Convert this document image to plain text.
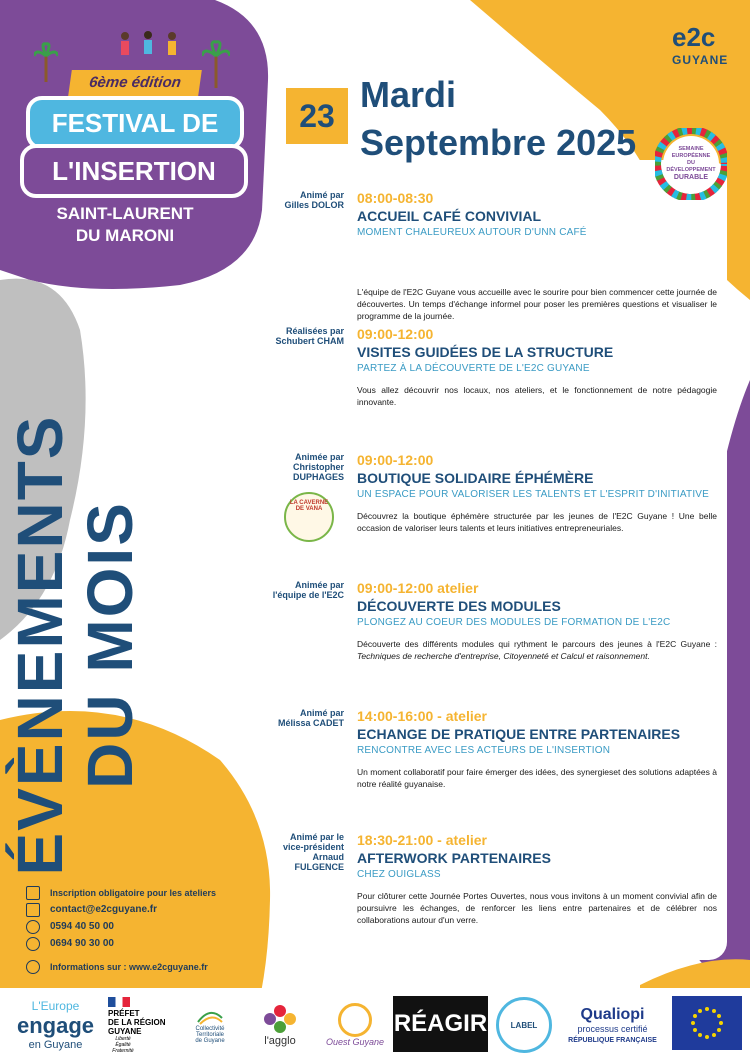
6ème édition
FESTIVAL DE
L'INSERTION
SAINT-LAURENT
DU MARONI
ÉVÈNEMENTS
DU MOIS
e2c
GUYANE
23
Mardi
Animé par
Gilles DOLOR 08:00-08:30
ACCUEIL CAFÉ CONVIVIAL
MOMENT CHALEUREUX AUTOUR D'UNN CAFÉ
L'équipe de l'E2C Guyane vous accueille avec le sourire pour bien commencer cette journée de découvertes. Un temps d'échange informel pour poser les premières questions et visualiser le programme de la journée.
Réalisées par
Schubert CHAM 09:00-12:00
VISITES GUIDÉES DE LA STRUCTURE
PARTEZ À LA DÉCOUVERTE DE L'E2C GUYANE
Vous allez découvrir nos locaux, nos ateliers, et le fonctionnement de notre pédagogie innovante.
Animée par
Christopher DUPHAGES
LA CAVERNE DE VANA
09:00-12:00
BOUTIQUE SOLIDAIRE ÉPHÉMÈRE
UN ESPACE POUR VALORISER LES TALENTS ET L'ESPRIT D'INITIATIVE
Découvrez la boutique éphémère structurée par les jeunes de l'E2C Guyane ! Une belle occasion de valoriser leurs talents et leurs initiatives entrepreneuriales.
Animée par
l'équipe de l'E2C 09:00-12:00 atelier
DÉCOUVERTE DES MODULES
PLONGEZ AU COEUR DES MODULES DE FORMATION DE L'E2C
Découverte des différents modules qui rythment le parcours des jeunes à l'E2C Guyane : Techniques de recherche d'entreprise, Citoyenneté et Calcul et raisonnement.
Animé par
Mélissa CADET 14:00-16:00 - atelier
ECHANGE DE PRATIQUE ENTRE PARTENAIRES
RENCONTRE AVEC LES ACTEURS DE L'INSERTION
Un moment collaboratif pour faire émerger des idées, des synergieset des solutions adaptées à notre réalité guyanaise.
Animé par le vice-président
Arnaud FULGENCE
18:30-21:00 - atelier
AFTERWORK PARTENAIRES
CHEZ OUIGLASS
Pour clôturer cette Journée Portes Ouvertes, nous vous invitons à un moment convivial afin de poursuivre les échanges, de renforcer les liens entre partenaires et de célébrer nos collaborations autour d'un verre.
Septembre 2025	SEMAINE
EUROPÉENNE
DU DÉVELOPPEMENT
DURABLE
Inscription obligatoire pour les ateliers
contact@e2cguyane.fr
0594 40 50 00
0694 90 30 00
Informations sur : www.e2cguyane.fr
L'Europe
engage
en Guyane
PRÉFET
DE LA RÉGION
GUYANE
Liberté Égalité Fraternité
Collectivité
Territoriale
de Guyane	l'agglo	Ouest Guyane
RÉAGIR	LABEL
Qualiopi
processus certifié
RÉPUBLIQUE FRANÇAISE
